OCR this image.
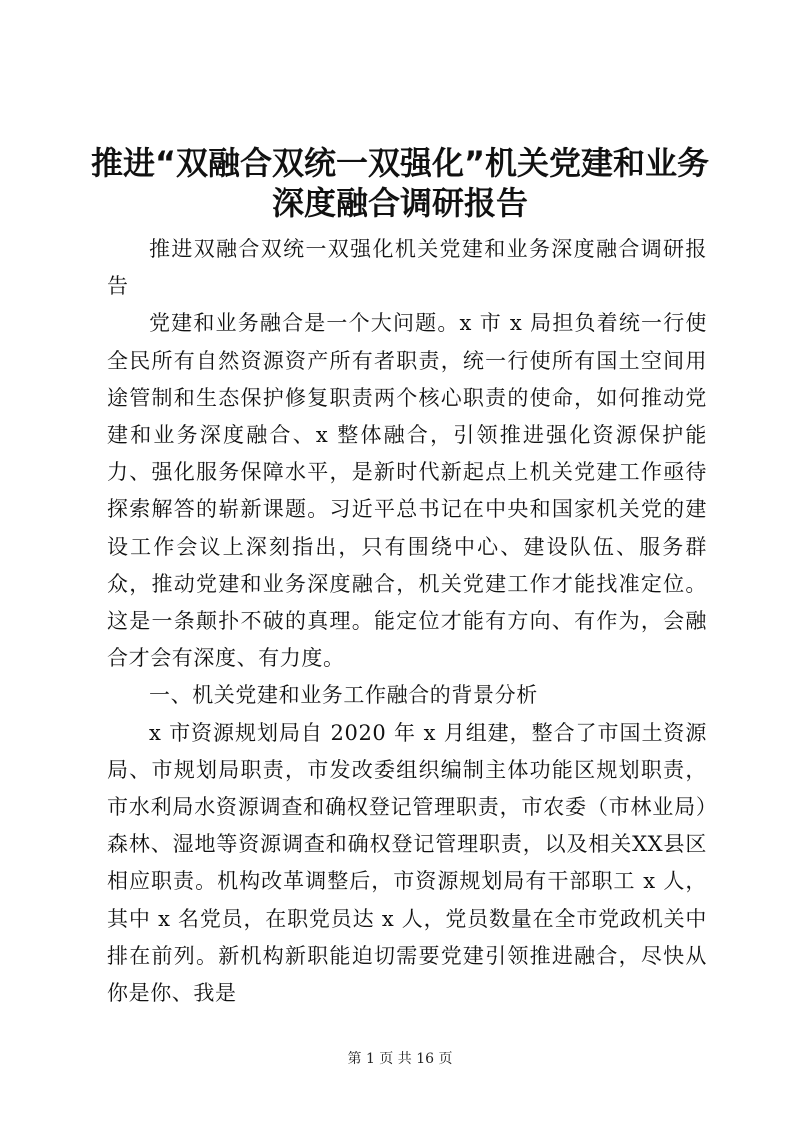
推进“双融合双统一双强化”机关党建和业务
深度融合调研报告

推进双融合双统一双强化机关党建和业务深度融合调研报告

党建和业务融合是一个大问题。x 市 x 局担负着统一行使全民所有自然资源资产所有者职责，统一行使所有国土空间用途管制和生态保护修复职责两个核心职责的使命，如何推动党建和业务深度融合、x 整体融合，引领推进强化资源保护能力、强化服务保障水平，是新时代新起点上机关党建工作亟待探索解答的崭新课题。习近平总书记在中央和国家机关党的建设工作会议上深刻指出，只有围绕中心、建设队伍、服务群众，推动党建和业务深度融合，机关党建工作才能找准定位。这是一条颠扑不破的真理。能定位才能有方向、有作为，会融合才会有深度、有力度。

一、机关党建和业务工作融合的背景分析

x 市资源规划局自 2020 年 x 月组建，整合了市国土资源局、市规划局职责，市发改委组织编制主体功能区规划职责，市水利局水资源调查和确权登记管理职责，市农委（市林业局）森林、湿地等资源调查和确权登记管理职责，以及相关XX县区相应职责。机构改革调整后，市资源规划局有干部职工 x 人，其中 x 名党员，在职党员达 x 人，党员数量在全市党政机关中排在前列。新机构新职能迫切需要党建引领推进融合，尽快从你是你、我是

第 1 页 共 16 页
